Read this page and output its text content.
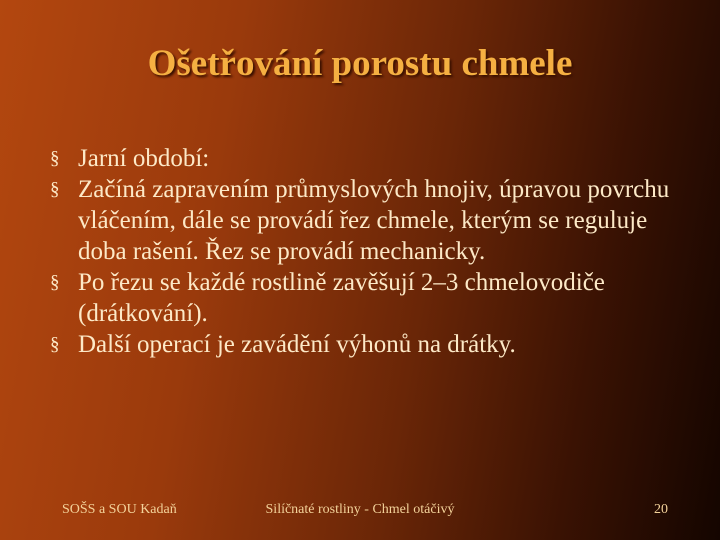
Ošetřování porostu chmele
§ Jarní období:
§ Začíná zapravením průmyslových hnojiv, úpravou povrchu vláčením, dále se provádí řez chmele, kterým se reguluje doba rašení. Řez se provádí mechanicky.
§ Po řezu se každé rostlině zavěšují 2–3 chmelovodiče (drátkování).
§ Další operací je zavádění výhonů na drátky.
SOŠS a SOU Kadaň	Silíčnaté rostliny - Chmel otáčivý	20
